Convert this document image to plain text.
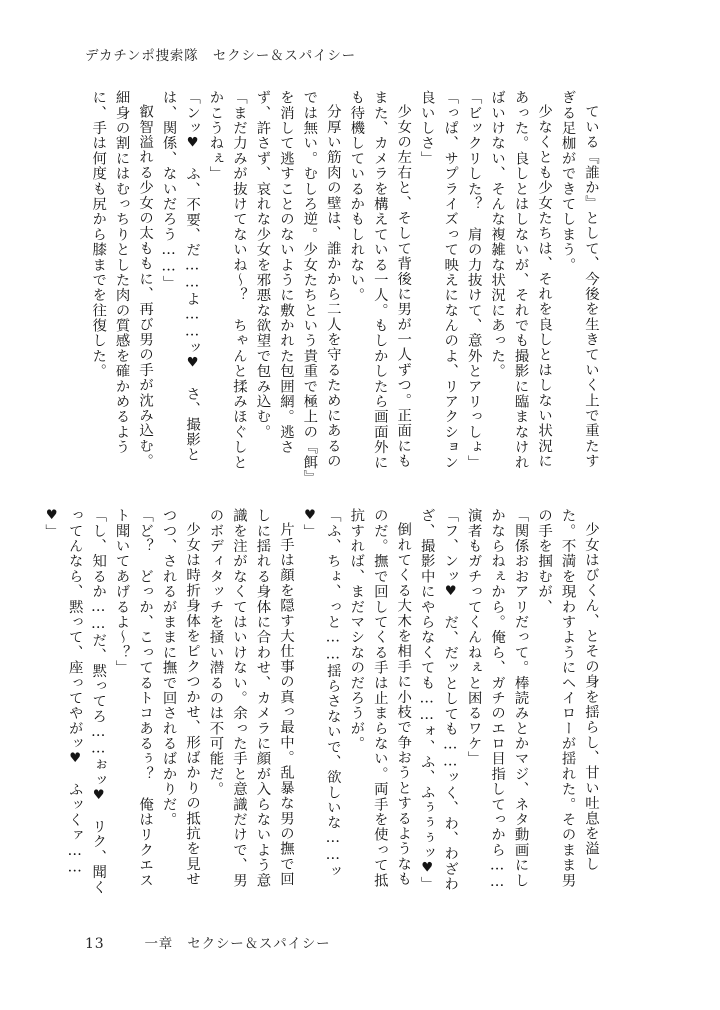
デカチンポ捜索隊　セクシー＆スパイシー

ている『誰か』として、今後を生きていく上で重たすぎる足枷ができてしまう。

少なくとも少女たちは、それを良しとはしない状況にあった。良しとはしないが、それでも撮影に臨まなければいけない、そんな複雑な状況にあった。

「ビックリした？　肩の力抜けて、意外とアリっしょ」

「っぱ、サプライズって映えになんのよ、リアクション良いしさ」

少女の左右と、そして背後に男が一人ずつ。正面にもまた、カメラを構えている一人。もしかしたら画面外にも待機しているかもしれない。

分厚い筋肉の壁は、誰かから二人を守るためにあるのでは無い。むしろ逆。少女たちという貴重で極上の『餌』を消して逃すことのないように敷かれた包囲網。逃さず、許さず、哀れな少女を邪悪な欲望で包み込む。

「まだ力みが抜けてないね〜？　ちゃんと揉みほぐしとかこうねぇ」

「ンッ♥　ふ、不要、だ……よ……ッ♥　さ、撮影とは、関係、ないだろう……」

叡智溢れる少女の太ももに、再び男の手が沈み込む。細身の割にはむっちりとした肉の質感を確かめるように、手は何度も尻から膝までを往復した。

少女はびくん、とその身を揺らし、甘い吐息を溢した。不満を現わすようにヘイローが揺れた。そのまま男の手を掴むが、

「関係おおアリだって。棒読みとかマジ、ネタ動画にしかならねぇから。俺ら、ガチのエロ目指してっから……演者もガチってくんねぇと困るワケ」

「フ、ンッ♥　だ、だッとしても……ッく、わ、わざわざ、撮影中にやらなくても……ォ、ふ、ふぅぅぅッ♥」

倒れてくる大木を相手に小枝で争おうとするようなものだ。撫で回してくる手は止まらない。両手を使って抵抗すれば、まだマシなのだろうが。

「ふ、ちょ、っと……揺らさないで、欲しいな……ッ♥」

片手は顔を隠す大仕事の真っ最中。乱暴な男の撫で回しに揺れる身体に合わせ、カメラに顔が入らないよう意識を注がなくてはいけない。余った手と意識だけで、男のボディタッチを掻い潜るのは不可能だ。

少女は時折身体をピクつかせ、形ばかりの抵抗を見せつつ、されるがままに撫で回されるばかりだ。

「ど？　どっか、こってるトコあるぅ？　俺はリクエスト聞いてあげるよ〜？」

「し、知るか……だ、黙ってろ……ぉッ♥　リク、聞くってんなら、黙って、座ってやがッ♥　ふッくァ……♥」

13	一章　セクシー＆スパイシー
